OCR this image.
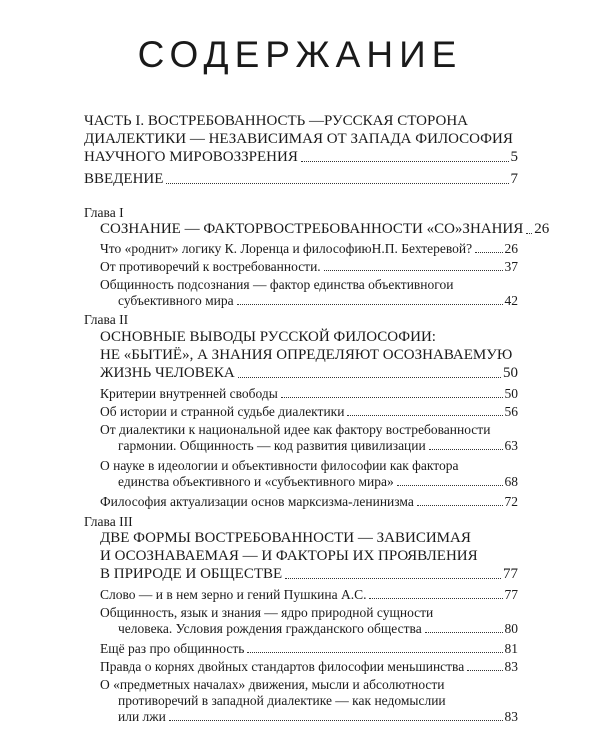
СОДЕРЖАНИЕ
ЧАСТЬ I. ВОСТРЕБОВАННОСТЬ —РУССКАЯ СТОРОНА
ДИАЛЕКТИКИ — НЕЗАВИСИМАЯ ОТ ЗАПАДА ФИЛОСОФИЯ
НАУЧНОГО МИРОВОЗЗРЕНИЯ	5
ВВЕДЕНИЕ	7
Глава I
СОЗНАНИЕ — ФАКТОРВОСТРЕБОВАННОСТИ «СО»ЗНАНИЯ 26
Что «роднит» логику К. Лоренца и философиюН.П. Бехтеревой? 26
От противоречий к востребованности.	37
Общинность подсознания — фактор единства объективногои
субъективного мира	42
Глава II
ОСНОВНЫЕ ВЫВОДЫ РУССКОЙ ФИЛОСОФИИ:
НЕ «БЫТИЁ», А ЗНАНИЯ ОПРЕДЕЛЯЮТ ОСОЗНАВАЕМУЮ
ЖИЗНЬ ЧЕЛОВЕКА	50
Критерии внутренней свободы	50
Об истории и странной судьбе диалектики	56
От диалектики к национальной идее как фактору востребованности
гармонии. Общинность — код развития цивилизации	63
О науке в идеологии и объективности философии как фактора
единства объективного и «субъективного мира»	68
Философия актуализации основ марксизма-ленинизма	72
Глава III
ДВЕ ФОРМЫ ВОСТРЕБОВАННОСТИ — ЗАВИСИМАЯ
И ОСОЗНАВАЕМАЯ — И ФАКТОРЫ ИХ ПРОЯВЛЕНИЯ
В ПРИРОДЕ И ОБЩЕСТВЕ	77
Слово — и в нем зерно и гений Пушкина А.С.	77
Общинность, язык и знания — ядро природной сущности
человека. Условия рождения гражданского общества	80
Ещё раз про общинность	81
Правда о корнях двойных стандартов философии меньшинства	83
О «предметных началах» движения, мысли и абсолютности
противоречий в западной диалектике — как недомыслии
или лжи	83
